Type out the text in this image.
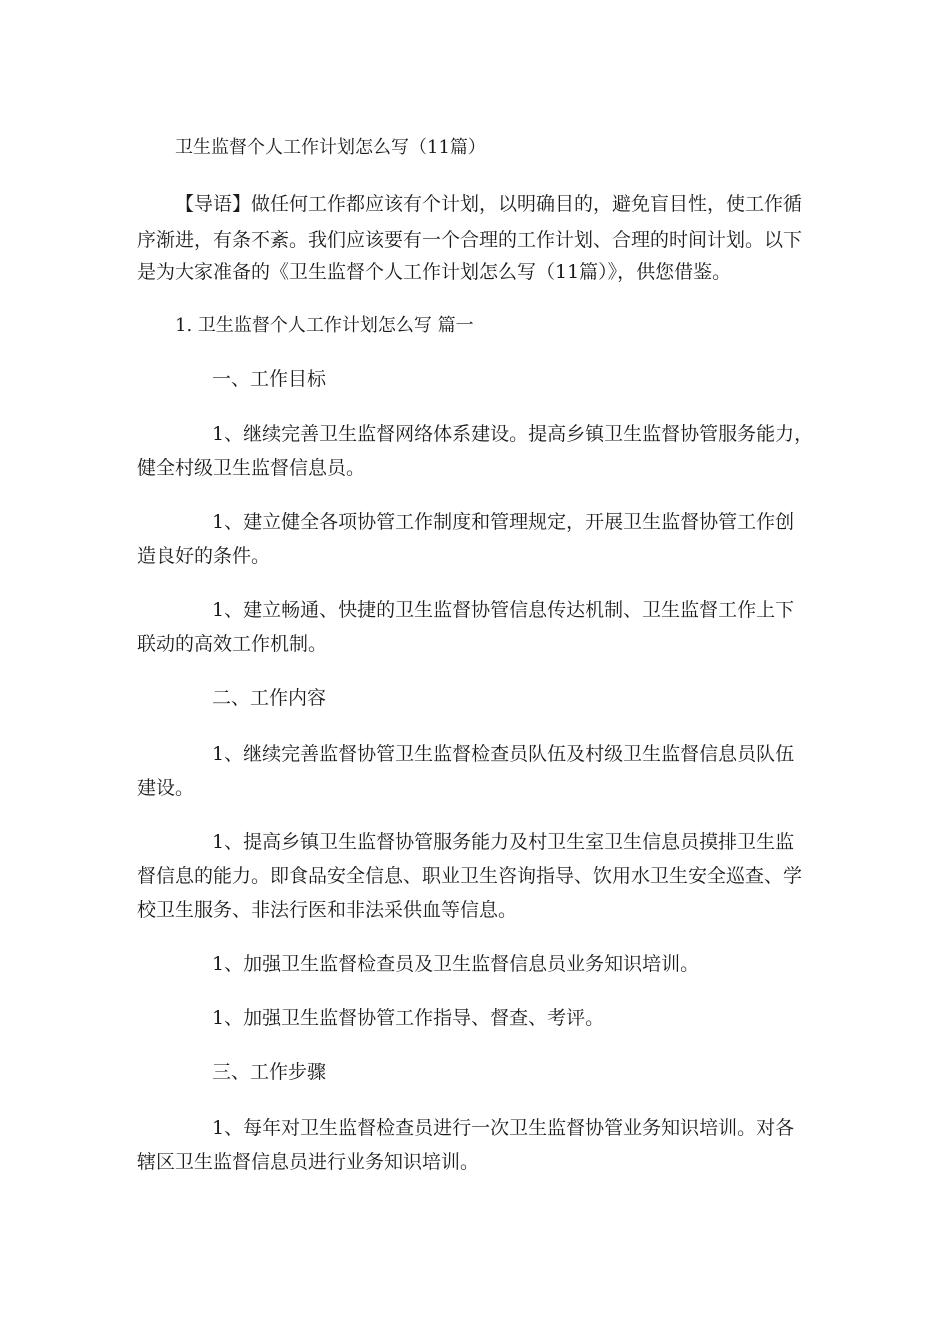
卫生监督个人工作计划怎么写（11篇）

【导语】做任何工作都应该有个计划，以明确目的，避免盲目性，使工作循

序渐进，有条不紊。我们应该要有一个合理的工作计划、合理的时间计划。以下

是为大家准备的《卫生监督个人工作计划怎么写（11篇）》，供您借鉴。

1. 卫生监督个人工作计划怎么写 篇一

一、工作目标

1、继续完善卫生监督网络体系建设。提高乡镇卫生监督协管服务能力，

健全村级卫生监督信息员。

1、建立健全各项协管工作制度和管理规定，开展卫生监督协管工作创

造良好的条件。

1、建立畅通、快捷的卫生监督协管信息传达机制、卫生监督工作上下

联动的高效工作机制。

二、工作内容

1、继续完善监督协管卫生监督检查员队伍及村级卫生监督信息员队伍

建设。

1、提高乡镇卫生监督协管服务能力及村卫生室卫生信息员摸排卫生监

督信息的能力。即食品安全信息、职业卫生咨询指导、饮用水卫生安全巡查、学

校卫生服务、非法行医和非法采供血等信息。

1、加强卫生监督检查员及卫生监督信息员业务知识培训。

1、加强卫生监督协管工作指导、督查、考评。

三、工作步骤

1、每年对卫生监督检查员进行一次卫生监督协管业务知识培训。对各

辖区卫生监督信息员进行业务知识培训。
